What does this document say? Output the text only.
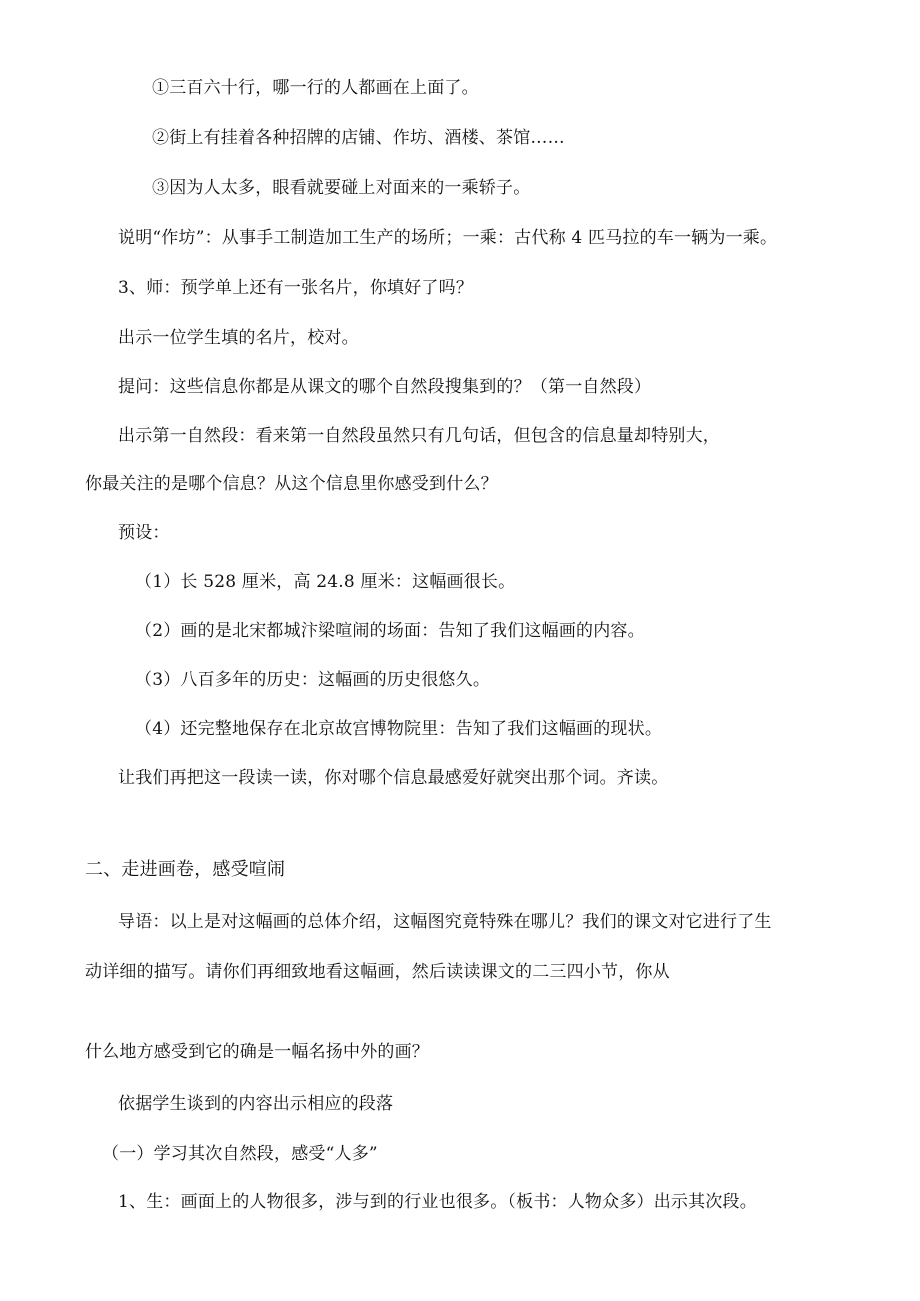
①三百六十行，哪一行的人都画在上面了。
②街上有挂着各种招牌的店铺、作坊、酒楼、茶馆……
③因为人太多，眼看就要碰上对面来的一乘轿子。
说明“作坊”：从事手工制造加工生产的场所；一乘：古代称 4 匹马拉的车一辆为一乘。
3、师：预学单上还有一张名片，你填好了吗？
出示一位学生填的名片，校对。
提问：这些信息你都是从课文的哪个自然段搜集到的？（第一自然段）
出示第一自然段：看来第一自然段虽然只有几句话，但包含的信息量却特别大，
你最关注的是哪个信息？从这个信息里你感受到什么？
预设：
（1）长 528 厘米，高 24.8 厘米：这幅画很长。
（2）画的是北宋都城汴梁喧闹的场面：告知了我们这幅画的内容。
（3）八百多年的历史：这幅画的历史很悠久。
（4）还完整地保存在北京故宫博物院里：告知了我们这幅画的现状。
让我们再把这一段读一读，你对哪个信息最感爱好就突出那个词。齐读。
二、走进画卷，感受喧闹
导语：以上是对这幅画的总体介绍，这幅图究竟特殊在哪儿？我们的课文对它进行了生
动详细的描写。请你们再细致地看这幅画，然后读读课文的二三四小节，你从
什么地方感受到它的确是一幅名扬中外的画？
依据学生谈到的内容出示相应的段落
（一）学习其次自然段，感受“人多”
1、生：画面上的人物很多，涉与到的行业也很多。（板书：人物众多）出示其次段。
